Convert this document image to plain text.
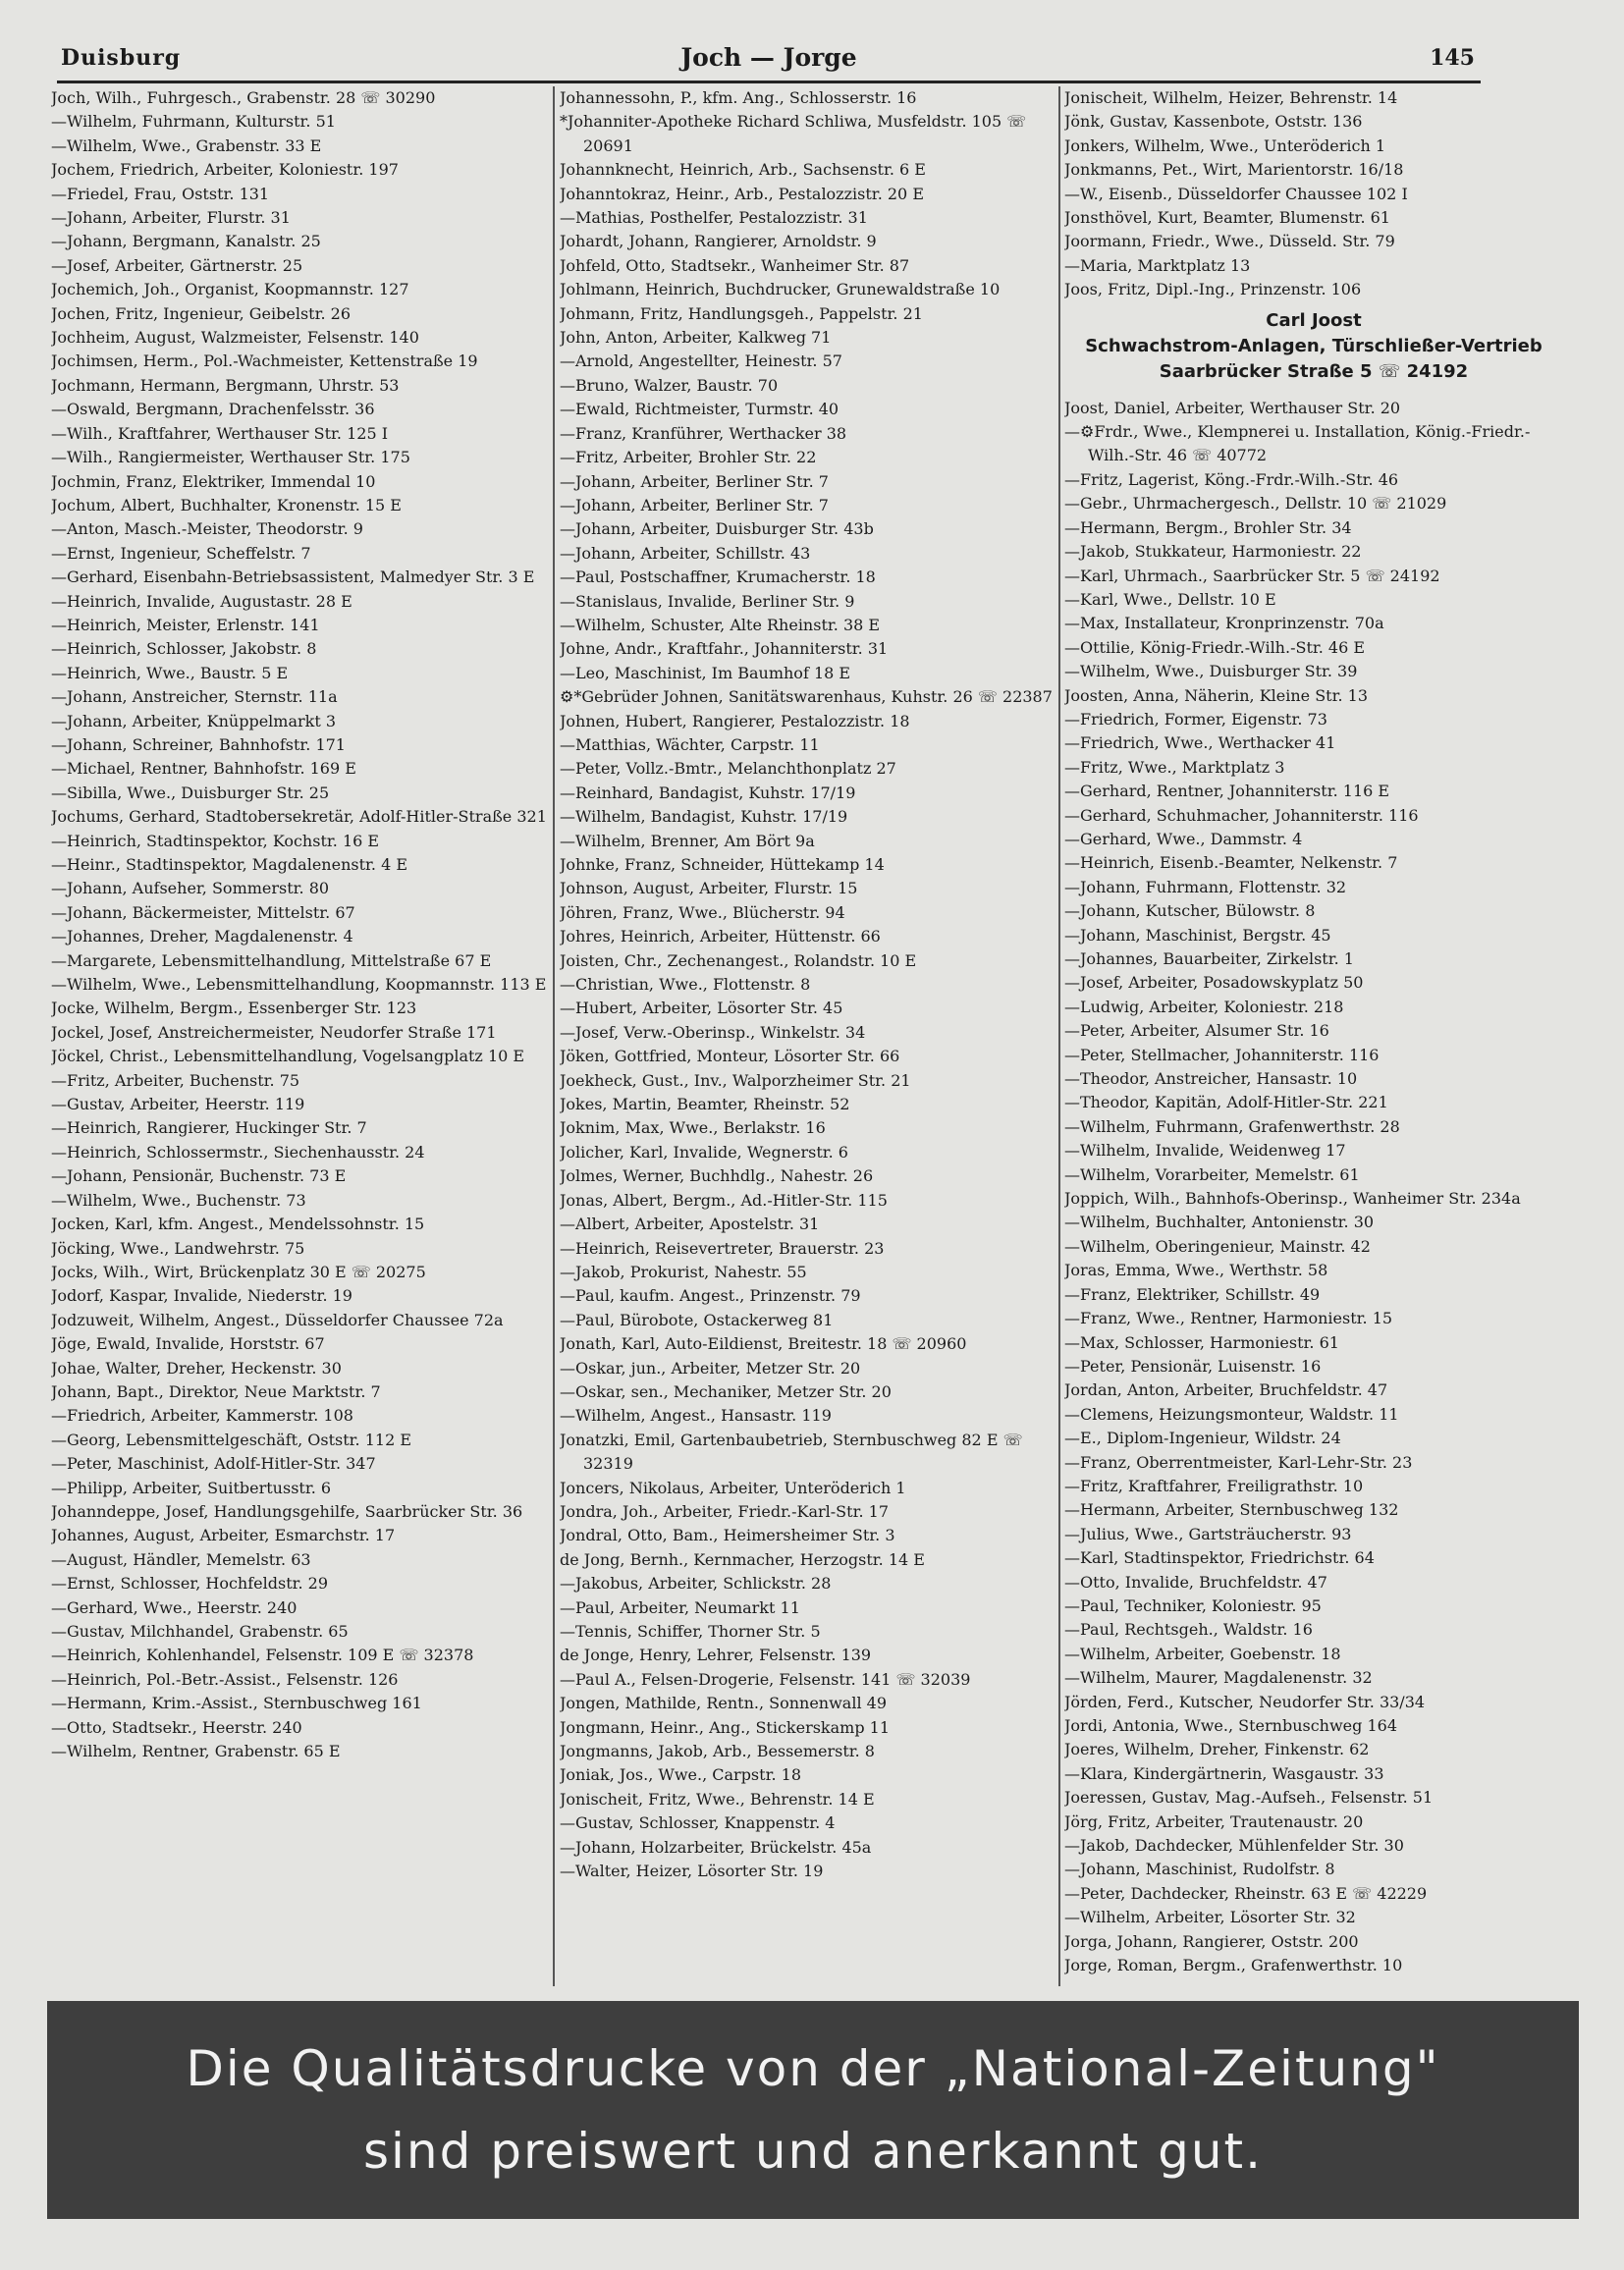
Duisburg	Joch — Jorge	145

Joch, Wilh., Fuhrgesch., Grabenstr. 28 ☏ 30290

—Wilhelm, Fuhrmann, Kulturstr. 51

—Wilhelm, Wwe., Grabenstr. 33 E

Jochem, Friedrich, Arbeiter, Koloniestr. 197

—Friedel, Frau, Oststr. 131

—Johann, Arbeiter, Flurstr. 31

—Johann, Bergmann, Kanalstr. 25

—Josef, Arbeiter, Gärtnerstr. 25

Jochemich, Joh., Organist, Koopmannstr. 127

Jochen, Fritz, Ingenieur, Geibelstr. 26

Jochheim, August, Walzmeister, Felsenstr. 140

Jochimsen, Herm., Pol.-Wachmeister, Kettenstraße 19

Jochmann, Hermann, Bergmann, Uhrstr. 53

—Oswald, Bergmann, Drachenfelsstr. 36

—Wilh., Kraftfahrer, Werthauser Str. 125 I

—Wilh., Rangiermeister, Werthauser Str. 175

Jochmin, Franz, Elektriker, Immendal 10

Jochum, Albert, Buchhalter, Kronenstr. 15 E

—Anton, Masch.-Meister, Theodorstr. 9

—Ernst, Ingenieur, Scheffelstr. 7

—Gerhard, Eisenbahn-Betriebsassistent, Malmedyer Str. 3 E

—Heinrich, Invalide, Augustastr. 28 E

—Heinrich, Meister, Erlenstr. 141

—Heinrich, Schlosser, Jakobstr. 8

—Heinrich, Wwe., Baustr. 5 E

—Johann, Anstreicher, Sternstr. 11a

—Johann, Arbeiter, Knüppelmarkt 3

—Johann, Schreiner, Bahnhofstr. 171

—Michael, Rentner, Bahnhofstr. 169 E

—Sibilla, Wwe., Duisburger Str. 25

Jochums, Gerhard, Stadtobersekretär, Adolf-Hitler-Straße 321

—Heinrich, Stadtinspektor, Kochstr. 16 E

—Heinr., Stadtinspektor, Magdalenenstr. 4 E

—Johann, Aufseher, Sommerstr. 80

—Johann, Bäckermeister, Mittelstr. 67

—Johannes, Dreher, Magdalenenstr. 4

—Margarete, Lebensmittelhandlung, Mittelstraße 67 E

—Wilhelm, Wwe., Lebensmittelhandlung, Koopmannstr. 113 E

Jocke, Wilhelm, Bergm., Essenberger Str. 123

Jockel, Josef, Anstreichermeister, Neudorfer Straße 171

Jöckel, Christ., Lebensmittelhandlung, Vogelsangplatz 10 E

—Fritz, Arbeiter, Buchenstr. 75

—Gustav, Arbeiter, Heerstr. 119

—Heinrich, Rangierer, Huckinger Str. 7

—Heinrich, Schlossermstr., Siechenhausstr. 24

—Johann, Pensionär, Buchenstr. 73 E

—Wilhelm, Wwe., Buchenstr. 73

Jocken, Karl, kfm. Angest., Mendelssohnstr. 15

Jöcking, Wwe., Landwehrstr. 75

Jocks, Wilh., Wirt, Brückenplatz 30 E ☏ 20275

Jodorf, Kaspar, Invalide, Niederstr. 19

Jodzuweit, Wilhelm, Angest., Düsseldorfer Chaussee 72a

Jöge, Ewald, Invalide, Horststr. 67

Johae, Walter, Dreher, Heckenstr. 30

Johann, Bapt., Direktor, Neue Marktstr. 7

—Friedrich, Arbeiter, Kammerstr. 108

—Georg, Lebensmittelgeschäft, Oststr. 112 E

—Peter, Maschinist, Adolf-Hitler-Str. 347

—Philipp, Arbeiter, Suitbertusstr. 6

Johanndeppe, Josef, Handlungsgehilfe, Saarbrücker Str. 36

Johannes, August, Arbeiter, Esmarchstr. 17

—August, Händler, Memelstr. 63

—Ernst, Schlosser, Hochfeldstr. 29

—Gerhard, Wwe., Heerstr. 240

—Gustav, Milchhandel, Grabenstr. 65

—Heinrich, Kohlenhandel, Felsenstr. 109 E ☏ 32378

—Heinrich, Pol.-Betr.-Assist., Felsenstr. 126

—Hermann, Krim.-Assist., Sternbuschweg 161

—Otto, Stadtsekr., Heerstr. 240

—Wilhelm, Rentner, Grabenstr. 65 E

Johannessohn, P., kfm. Ang., Schlosserstr. 16

*Johanniter-Apotheke Richard Schliwa, Musfeldstr. 105 ☏ 20691

Johannknecht, Heinrich, Arb., Sachsenstr. 6 E

Johanntokraz, Heinr., Arb., Pestalozzistr. 20 E

—Mathias, Posthelfer, Pestalozzistr. 31

Johardt, Johann, Rangierer, Arnoldstr. 9

Johfeld, Otto, Stadtsekr., Wanheimer Str. 87

Johlmann, Heinrich, Buchdrucker, Grunewaldstraße 10

Johmann, Fritz, Handlungsgeh., Pappelstr. 21

John, Anton, Arbeiter, Kalkweg 71

—Arnold, Angestellter, Heinestr. 57

—Bruno, Walzer, Baustr. 70

—Ewald, Richtmeister, Turmstr. 40

—Franz, Kranführer, Werthacker 38

—Fritz, Arbeiter, Brohler Str. 22

—Johann, Arbeiter, Berliner Str. 7

—Johann, Arbeiter, Berliner Str. 7

—Johann, Arbeiter, Duisburger Str. 43b

—Johann, Arbeiter, Schillstr. 43

—Paul, Postschaffner, Krumacherstr. 18

—Stanislaus, Invalide, Berliner Str. 9

—Wilhelm, Schuster, Alte Rheinstr. 38 E

Johne, Andr., Kraftfahr., Johanniterstr. 31

—Leo, Maschinist, Im Baumhof 18 E

⚙*Gebrüder Johnen, Sanitätswarenhaus, Kuhstr. 26 ☏ 22387

Johnen, Hubert, Rangierer, Pestalozzistr. 18

—Matthias, Wächter, Carpstr. 11

—Peter, Vollz.-Bmtr., Melanchthonplatz 27

—Reinhard, Bandagist, Kuhstr. 17/19

—Wilhelm, Bandagist, Kuhstr. 17/19

—Wilhelm, Brenner, Am Bört 9a

Johnke, Franz, Schneider, Hüttekamp 14

Johnson, August, Arbeiter, Flurstr. 15

Jöhren, Franz, Wwe., Blücherstr. 94

Johres, Heinrich, Arbeiter, Hüttenstr. 66

Joisten, Chr., Zechenangest., Rolandstr. 10 E

—Christian, Wwe., Flottenstr. 8

—Hubert, Arbeiter, Lösorter Str. 45

—Josef, Verw.-Oberinsp., Winkelstr. 34

Jöken, Gottfried, Monteur, Lösorter Str. 66

Joekheck, Gust., Inv., Walporzheimer Str. 21

Jokes, Martin, Beamter, Rheinstr. 52

Joknim, Max, Wwe., Berlakstr. 16

Jolicher, Karl, Invalide, Wegnerstr. 6

Jolmes, Werner, Buchhdlg., Nahestr. 26

Jonas, Albert, Bergm., Ad.-Hitler-Str. 115

—Albert, Arbeiter, Apostelstr. 31

—Heinrich, Reisevertreter, Brauerstr. 23

—Jakob, Prokurist, Nahestr. 55

—Paul, kaufm. Angest., Prinzenstr. 79

—Paul, Bürobote, Ostackerweg 81

Jonath, Karl, Auto-Eildienst, Breitestr. 18 ☏ 20960

—Oskar, jun., Arbeiter, Metzer Str. 20

—Oskar, sen., Mechaniker, Metzer Str. 20

—Wilhelm, Angest., Hansastr. 119

Jonatzki, Emil, Gartenbaubetrieb, Sternbuschweg 82 E ☏ 32319

Joncers, Nikolaus, Arbeiter, Unteröderich 1

Jondra, Joh., Arbeiter, Friedr.-Karl-Str. 17

Jondral, Otto, Bam., Heimersheimer Str. 3

de Jong, Bernh., Kernmacher, Herzogstr. 14 E

—Jakobus, Arbeiter, Schlickstr. 28

—Paul, Arbeiter, Neumarkt 11

—Tennis, Schiffer, Thorner Str. 5

de Jonge, Henry, Lehrer, Felsenstr. 139

—Paul A., Felsen-Drogerie, Felsenstr. 141 ☏ 32039

Jongen, Mathilde, Rentn., Sonnenwall 49

Jongmann, Heinr., Ang., Stickerskamp 11

Jongmanns, Jakob, Arb., Bessemerstr. 8

Joniak, Jos., Wwe., Carpstr. 18

Jonischeit, Fritz, Wwe., Behrenstr. 14 E

—Gustav, Schlosser, Knappenstr. 4

—Johann, Holzarbeiter, Brückelstr. 45a

—Walter, Heizer, Lösorter Str. 19

Jonischeit, Wilhelm, Heizer, Behrenstr. 14

Jönk, Gustav, Kassenbote, Oststr. 136

Jonkers, Wilhelm, Wwe., Unteröderich 1

Jonkmanns, Pet., Wirt, Marientorstr. 16/18

—W., Eisenb., Düsseldorfer Chaussee 102 I

Jonsthövel, Kurt, Beamter, Blumenstr. 61

Joormann, Friedr., Wwe., Düsseld. Str. 79

—Maria, Marktplatz 13

Joos, Fritz, Dipl.-Ing., Prinzenstr. 106

Carl Joost
Schwachstrom-Anlagen, Türschließer-Vertrieb
Saarbrücker Straße 5 ☏ 24192

Joost, Daniel, Arbeiter, Werthauser Str. 20

—⚙Frdr., Wwe., Klempnerei u. Installation, König.-Friedr.-Wilh.-Str. 46 ☏ 40772

—Fritz, Lagerist, Köng.-Frdr.-Wilh.-Str. 46

—Gebr., Uhrmachergesch., Dellstr. 10 ☏ 21029

—Hermann, Bergm., Brohler Str. 34

—Jakob, Stukkateur, Harmoniestr. 22

—Karl, Uhrmach., Saarbrücker Str. 5 ☏ 24192

—Karl, Wwe., Dellstr. 10 E

—Max, Installateur, Kronprinzenstr. 70a

—Ottilie, König-Friedr.-Wilh.-Str. 46 E

—Wilhelm, Wwe., Duisburger Str. 39

Joosten, Anna, Näherin, Kleine Str. 13

—Friedrich, Former, Eigenstr. 73

—Friedrich, Wwe., Werthacker 41

—Fritz, Wwe., Marktplatz 3

—Gerhard, Rentner, Johanniterstr. 116 E

—Gerhard, Schuhmacher, Johanniterstr. 116

—Gerhard, Wwe., Dammstr. 4

—Heinrich, Eisenb.-Beamter, Nelkenstr. 7

—Johann, Fuhrmann, Flottenstr. 32

—Johann, Kutscher, Bülowstr. 8

—Johann, Maschinist, Bergstr. 45

—Johannes, Bauarbeiter, Zirkelstr. 1

—Josef, Arbeiter, Posadowskyplatz 50

—Ludwig, Arbeiter, Koloniestr. 218

—Peter, Arbeiter, Alsumer Str. 16

—Peter, Stellmacher, Johanniterstr. 116

—Theodor, Anstreicher, Hansastr. 10

—Theodor, Kapitän, Adolf-Hitler-Str. 221

—Wilhelm, Fuhrmann, Grafenwerthstr. 28

—Wilhelm, Invalide, Weidenweg 17

—Wilhelm, Vorarbeiter, Memelstr. 61

Joppich, Wilh., Bahnhofs-Oberinsp., Wanheimer Str. 234a

—Wilhelm, Buchhalter, Antonienstr. 30

—Wilhelm, Oberingenieur, Mainstr. 42

Joras, Emma, Wwe., Werthstr. 58

—Franz, Elektriker, Schillstr. 49

—Franz, Wwe., Rentner, Harmoniestr. 15

—Max, Schlosser, Harmoniestr. 61

—Peter, Pensionär, Luisenstr. 16

Jordan, Anton, Arbeiter, Bruchfeldstr. 47

—Clemens, Heizungsmonteur, Waldstr. 11

—E., Diplom-Ingenieur, Wildstr. 24

—Franz, Oberrentmeister, Karl-Lehr-Str. 23

—Fritz, Kraftfahrer, Freiligrathstr. 10

—Hermann, Arbeiter, Sternbuschweg 132

—Julius, Wwe., Gartsträucherstr. 93

—Karl, Stadtinspektor, Friedrichstr. 64

—Otto, Invalide, Bruchfeldstr. 47

—Paul, Techniker, Koloniestr. 95

—Paul, Rechtsgeh., Waldstr. 16

—Wilhelm, Arbeiter, Goebenstr. 18

—Wilhelm, Maurer, Magdalenenstr. 32

Jörden, Ferd., Kutscher, Neudorfer Str. 33/34

Jordi, Antonia, Wwe., Sternbuschweg 164

Joeres, Wilhelm, Dreher, Finkenstr. 62

—Klara, Kindergärtnerin, Wasgaustr. 33

Joeressen, Gustav, Mag.-Aufseh., Felsenstr. 51

Jörg, Fritz, Arbeiter, Trautenaustr. 20

—Jakob, Dachdecker, Mühlenfelder Str. 30

—Johann, Maschinist, Rudolfstr. 8

—Peter, Dachdecker, Rheinstr. 63 E ☏ 42229

—Wilhelm, Arbeiter, Lösorter Str. 32

Jorga, Johann, Rangierer, Oststr. 200

Jorge, Roman, Bergm., Grafenwerthstr. 10

Die Qualitätsdrucke von der „National-Zeitung"
sind preiswert und anerkannt gut.
